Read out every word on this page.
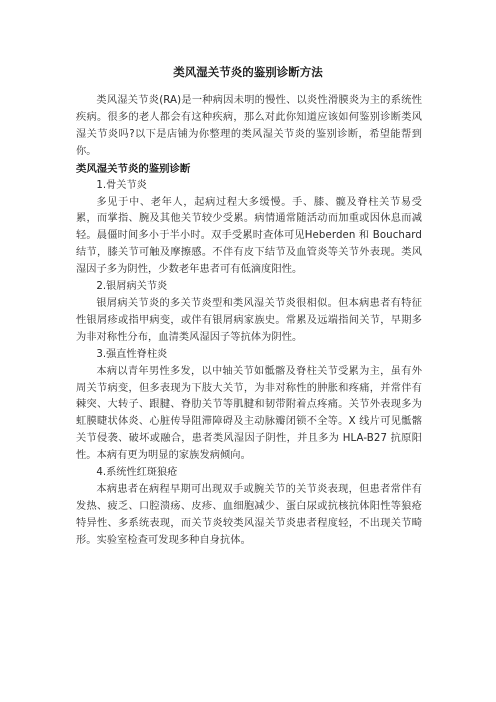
类风湿关节炎的鉴别诊断方法

类风湿关节炎(RA)是一种病因未明的慢性、以炎性滑膜炎为主的系统性疾病。很多的老人都会有这种疾病，那么对此你知道应该如何鉴别诊断类风湿关节炎吗?以下是店铺为你整理的类风湿关节炎的鉴别诊断，希望能帮到你。

类风湿关节炎的鉴别诊断

1.骨关节炎

多见于中、老年人，起病过程大多缓慢。手、膝、髋及脊柱关节易受累，而掌指、腕及其他关节较少受累。病情通常随活动而加重或因休息而减轻。晨僵时间多小于半小时。双手受累时查体可见Heberden 和 Bouchard 结节，膝关节可触及摩擦感。不伴有皮下结节及血管炎等关节外表现。类风湿因子多为阴性，少数老年患者可有低滴度阳性。

2.银屑病关节炎

银屑病关节炎的多关节炎型和类风湿关节炎很相似。但本病患者有特征性银屑疹或指甲病变，或伴有银屑病家族史。常累及远端指间关节，早期多为非对称性分布，血清类风湿因子等抗体为阴性。

3.强直性脊柱炎

本病以青年男性多发，以中轴关节如骶髂及脊柱关节受累为主，虽有外周关节病变，但多表现为下肢大关节，为非对称性的肿胀和疼痛，并常伴有棘突、大转子、跟腱、脊肋关节等肌腱和韧带附着点疼痛。关节外表现多为虹膜睫状体炎、心脏传导阻滞障碍及主动脉瓣闭锁不全等。X 线片可见骶髂关节侵袭、破坏或融合，患者类风湿因子阴性，并且多为 HLA-B27 抗原阳性。本病有更为明显的家族发病倾向。

4.系统性红斑狼疮

本病患者在病程早期可出现双手或腕关节的关节炎表现，但患者常伴有发热、疲乏、口腔溃疡、皮疹、血细胞减少、蛋白尿或抗核抗体阳性等狼疮特异性、多系统表现，而关节炎较类风湿关节炎患者程度轻，不出现关节畸形。实验室检查可发现多种自身抗体。
